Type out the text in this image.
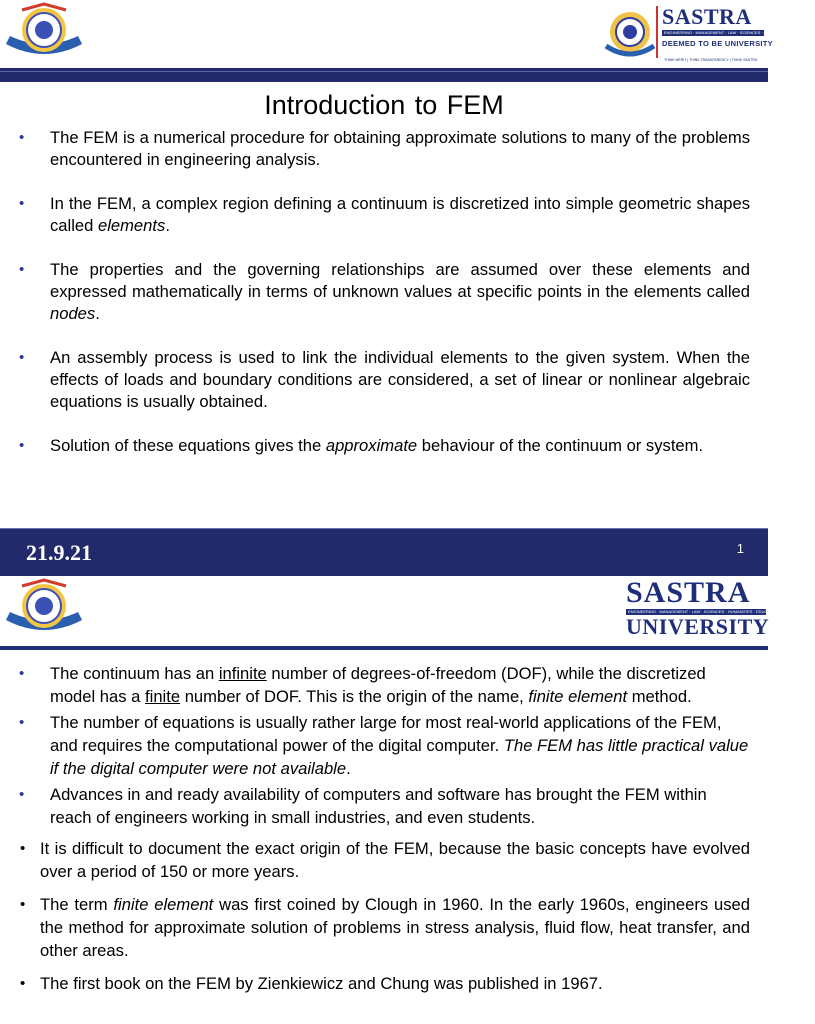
SASTRA
ENGINEERING · MANAGEMENT · LAW · SCIENCES · HUMANITIES · EDUCATION
DEEMED TO BE UNIVERSITY
THINK MERIT | THINK TRANSPARENCY | THINK SASTRA
Introduction to FEM
• The FEM is a numerical procedure for obtaining approximate solutions to many of the problems encountered in engineering analysis.
• In the FEM, a complex region defining a continuum is discretized into simple geometric shapes called elements.
• The properties and the governing relationships are assumed over these elements and expressed mathematically in terms of unknown values at specific points in the elements called nodes.
• An assembly process is used to link the individual elements to the given system. When the effects of loads and boundary conditions are considered, a set of linear or nonlinear algebraic equations is usually obtained.
• Solution of these equations gives the approximate behaviour of the continuum or system.
21.9.21	1
SASTRA
ENGINEERING · MANAGEMENT · LAW · SCIENCES · HUMANITIES · EDUCATION
UNIVERSITY
• The continuum has an infinite number of degrees-of-freedom (DOF), while the discretized model has a finite number of DOF. This is the origin of the name, finite element method.
• The number of equations is usually rather large for most real-world applications of the FEM, and requires the computational power of the digital computer. The FEM has little practical value if the digital computer were not available.
• Advances in and ready availability of computers and software has brought the FEM within reach of engineers working in small industries, and even students.
• It is difficult to document the exact origin of the FEM, because the basic concepts have evolved over a period of 150 or more years.
• The term finite element was first coined by Clough in 1960. In the early 1960s, engineers used the method for approximate solution of problems in stress analysis, fluid flow, heat transfer, and other areas.
• The first book on the FEM by Zienkiewicz and Chung was published in 1967.
